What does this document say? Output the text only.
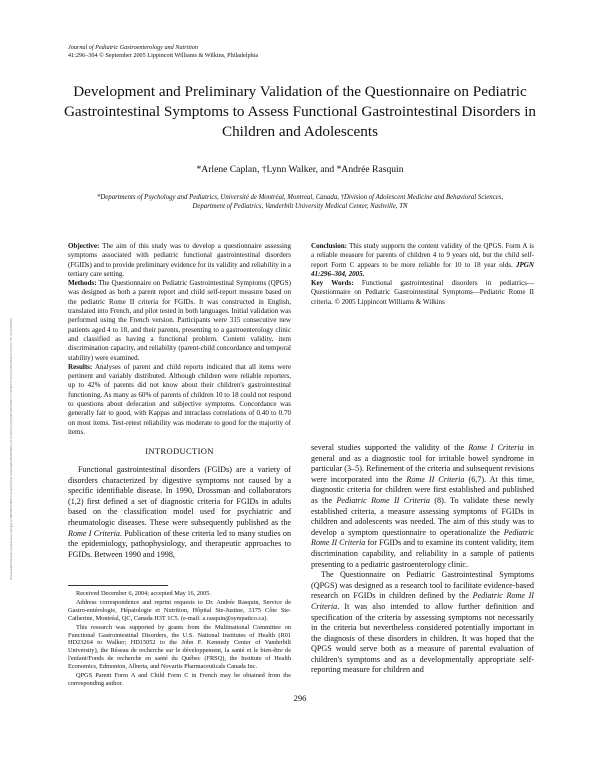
Journal of Pediatric Gastroenterology and Nutrition
41:296–304 © September 2005 Lippincott Williams & Wilkins, Philadelphia
Downloaded from http://journals.lww.com/jpgn by BhDMf5ePHKav1zEoum1tQfN4a+kJLhEZgbsIHo4XMi0hCywCX1AWnYQp/IlQrHD3i3D0OdRyi7TvSFl4Cf3VC4/OAVpDDa8KKGKV0Ymy+78= on 03/28/2019
Development and Preliminary Validation of the Questionnaire on Pediatric Gastrointestinal Symptoms to Assess Functional Gastrointestinal Disorders in Children and Adolescents
*Arlene Caplan, †Lynn Walker, and *Andrée Rasquin
*Departments of Psychology and Pediatrics, Université de Montréal, Montreal, Canada, †Division of Adolescent Medicine and Behavioral Sciences, Department of Pediatrics, Vanderbilt University Medical Center, Nashville, TN

Objective: The aim of this study was to develop a questionnaire assessing symptoms associated with pediatric functional gastrointestinal disorders (FGIDs) and to provide preliminary evidence for its validity and reliability in a tertiary care setting.

Methods: The Questionnaire on Pediatric Gastrointestinal Symptoms (QPGS) was designed as both a parent report and child self-report measure based on the pediatric Rome II criteria for FGIDs. It was constructed in English, translated into French, and pilot tested in both languages. Initial validation was performed using the French version. Participants were 315 consecutive new patients aged 4 to 18, and their parents, presenting to a gastroenterology clinic and classified as having a functional problem. Content validity, item discrimination capacity, and reliability (parent-child concordance and temporal stability) were examined.

Results: Analyses of parent and child reports indicated that all items were pertinent and variably distributed. Although children were reliable reporters, up to 42% of parents did not know about their children's gastrointestinal functioning. As many as 60% of parents of children 10 to 18 could not respond to questions about defecation and subjective symptoms. Concordance was generally fair to good, with Kappas and intraclass correlations of 0.40 to 0.70 on most items. Test-retest reliability was moderate to good for the majority of items.

Conclusion: This study supports the content validity of the QPGS. Form A is a reliable measure for parents of children 4 to 9 years old, but the child self-report Form C appears to be more reliable for 10 to 18 year olds. JPGN 41:296–304, 2005.

Key Words: Functional gastrointestinal disorders in pediatrics—Questionnaire on Pediatric Gastrointestinal Symptoms—Pediatric Rome II criteria. © 2005 Lippincott Williams & Wilkins

INTRODUCTION

Functional gastrointestinal disorders (FGIDs) are a variety of disorders characterized by digestive symptoms not caused by a specific identifiable disease. In 1990, Drossman and collaborators (1,2) first defined a set of diagnostic criteria for FGIDs in adults based on the classification model used for psychiatric and rheumatologic diseases. These were subsequently published as the Rome I Criteria. Publication of these criteria led to many studies on the epidemiology, pathophysiology, and therapeutic approaches to FGIDs. Between 1990 and 1998,

several studies supported the validity of the Rome I Criteria in general and as a diagnostic tool for irritable bowel syndrome in particular (3–5). Refinement of the criteria and subsequent revisions were incorporated into the Rome II Criteria (6,7). At this time, diagnostic criteria for children were first established and published as the Pediatric Rome II Criteria (8). To validate these newly established criteria, a measure assessing symptoms of FGIDs in children and adolescents was needed. The aim of this study was to develop a symptom questionnaire to operationalize the Pediatric Rome II Criteria for FGIDs and to examine its content validity, item discrimination capability, and reliability in a sample of patients presenting to a pediatric gastroenterology clinic.

The Questionnaire on Pediatric Gastrointestinal Symptoms (QPGS) was designed as a research tool to facilitate evidence-based research on FGIDs in children defined by the Pediatric Rome II Criteria. It was also intended to allow further definition and specification of the criteria by assessing symptoms not necessarily in the criteria but nevertheless considered potentially important in the diagnosis of these disorders in children. It was hoped that the QPGS would serve both as a measure of parental evaluation of children's symptoms and as a developmentally appropriate self-reporting measure for children and

Received December 6, 2004; accepted May 16, 2005.

Address correspondence and reprint requests to Dr. Andrée Rasquin, Service de Gastro-entérologie, Hépatologie et Nutrition, Hôpital Ste-Justine, 3175 Côte Ste-Catherine, Montréal, QC, Canada H3T 1C5. (e-mail: a.rasquin@sympatico.ca).

This research was supported by grants from the Multinational Committee on Functional Gastrointestinal Disorders, the U.S. National Institutes of Health (R01 HD23264 to Walker; HD15052 to the John F. Kennedy Center of Vanderbilt University), the Réseau de recherche sur le développement, la santé et le bien-être de l'enfant/Fonds de recherche en santé du Québec (FRSQ), the Institute of Health Economics, Edmonton, Alberta, and Novartis Pharmaceuticals Canada Inc.

QPGS Parent Form A and Child Form C in French may be obtained from the corresponding author.

296
